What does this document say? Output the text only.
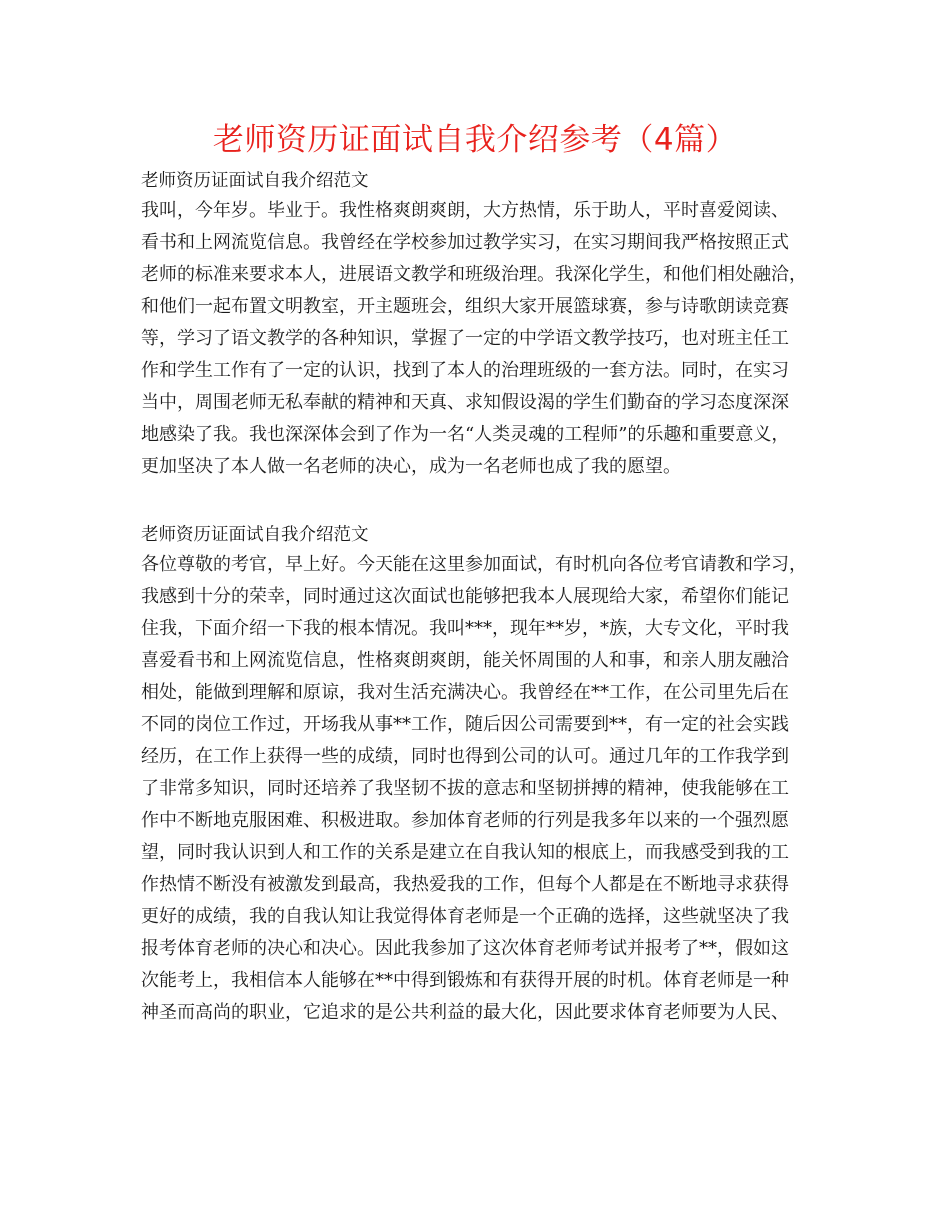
老师资历证面试自我介绍参考（4篇）
老师资历证面试自我介绍范文
我叫，今年岁。毕业于。我性格爽朗爽朗，大方热情，乐于助人，平时喜爱阅读、
看书和上网流览信息。我曾经在学校参加过教学实习，在实习期间我严格按照正式
老师的标准来要求本人，进展语文教学和班级治理。我深化学生，和他们相处融洽，
和他们一起布置文明教室，开主题班会，组织大家开展篮球赛，参与诗歌朗读竞赛
等，学习了语文教学的各种知识，掌握了一定的中学语文教学技巧，也对班主任工
作和学生工作有了一定的认识，找到了本人的治理班级的一套方法。同时，在实习
当中，周围老师无私奉献的精神和天真、求知假设渴的学生们勤奋的学习态度深深
地感染了我。我也深深体会到了作为一名“人类灵魂的工程师”的乐趣和重要意义，
更加坚决了本人做一名老师的决心，成为一名老师也成了我的愿望。
老师资历证面试自我介绍范文
各位尊敬的考官，早上好。今天能在这里参加面试，有时机向各位考官请教和学习，
我感到十分的荣幸，同时通过这次面试也能够把我本人展现给大家，希望你们能记
住我，下面介绍一下我的根本情况。我叫***，现年**岁，*族，大专文化，平时我
喜爱看书和上网流览信息，性格爽朗爽朗，能关怀周围的人和事，和亲人朋友融洽
相处，能做到理解和原谅，我对生活充满决心。我曾经在**工作，在公司里先后在
不同的岗位工作过，开场我从事**工作，随后因公司需要到**，有一定的社会实践
经历，在工作上获得一些的成绩，同时也得到公司的认可。通过几年的工作我学到
了非常多知识，同时还培养了我坚韧不拔的意志和坚韧拼搏的精神，使我能够在工
作中不断地克服困难、积极进取。参加体育老师的行列是我多年以来的一个强烈愿
望，同时我认识到人和工作的关系是建立在自我认知的根底上，而我感受到我的工
作热情不断没有被激发到最高，我热爱我的工作，但每个人都是在不断地寻求获得
更好的成绩，我的自我认知让我觉得体育老师是一个正确的选择，这些就坚决了我
报考体育老师的决心和决心。因此我参加了这次体育老师考试并报考了**，假如这
次能考上，我相信本人能够在**中得到锻炼和有获得开展的时机。体育老师是一种
神圣而高尚的职业，它追求的是公共利益的最大化，因此要求体育老师要为人民、
